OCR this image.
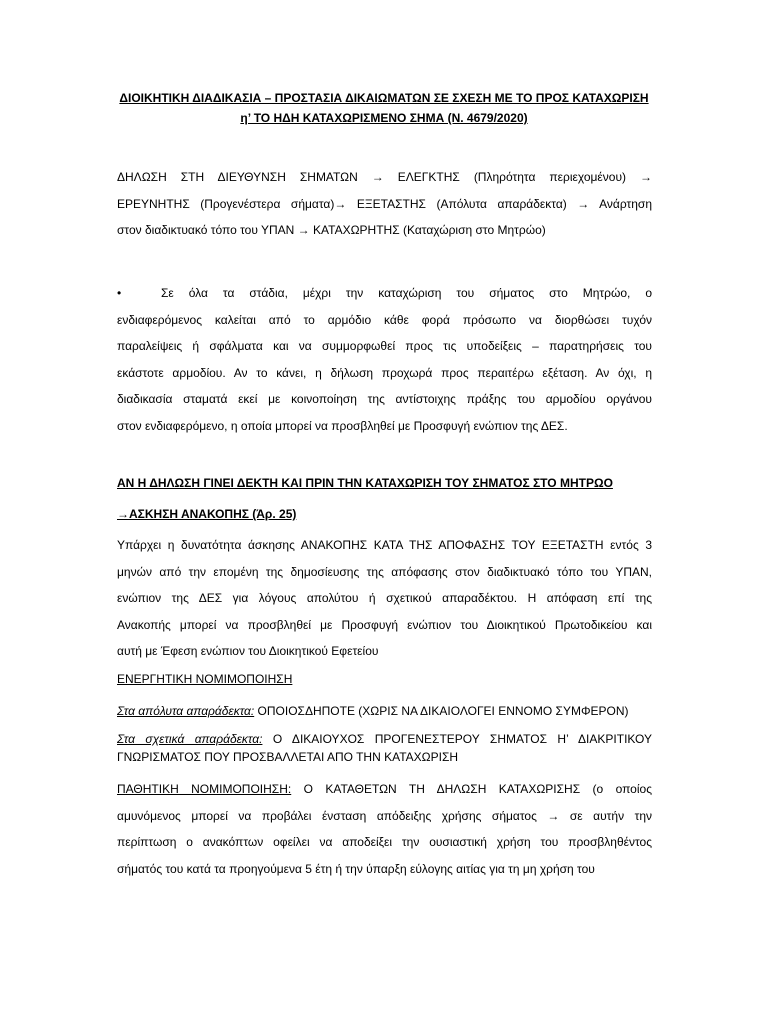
ΔΙΟΙΚΗΤΙΚΗ ΔΙΑΔΙΚΑΣΙΑ – ΠΡΟΣΤΑΣΙΑ ΔΙΚΑΙΩΜΑΤΩΝ ΣΕ ΣΧΕΣΗ ΜΕ ΤΟ ΠΡΟΣ ΚΑΤΑΧΩΡΙΣΗ
η’ ΤΟ ΗΔΗ ΚΑΤΑΧΩΡΙΣΜΕΝΟ ΣΗΜΑ (Ν. 4679/2020)
ΔΗΛΩΣΗ ΣΤΗ ΔΙΕΥΘΥΝΣΗ ΣΗΜΑΤΩΝ → ΕΛΕΓΚΤΗΣ (Πληρότητα περιεχομένου) →
ΕΡΕΥΝΗΤΗΣ (Προγενέστερα σήματα)→ ΕΞΕΤΑΣΤΗΣ (Απόλυτα απαράδεκτα) → Ανάρτηση
στον διαδικτυακό τόπο του ΥΠΑΝ → ΚΑΤΑΧΩΡΗΤΗΣ (Καταχώριση στο Μητρώο)
•	Σε όλα τα στάδια, μέχρι την καταχώριση του σήματος στο Μητρώο, ο
ενδιαφερόμενος καλείται από το αρμόδιο κάθε φορά πρόσωπο να διορθώσει τυχόν
παραλείψεις ή σφάλματα και να συμμορφωθεί προς τις υποδείξεις – παρατηρήσεις του
εκάστοτε αρμοδίου. Αν το κάνει, η δήλωση προχωρά προς περαιτέρω εξέταση. Αν όχι, η
διαδικασία σταματά εκεί με κοινοποίηση της αντίστοιχης πράξης του αρμοδίου οργάνου
στον ενδιαφερόμενο, η οποία μπορεί να προσβληθεί με Προσφυγή ενώπιον της ΔΕΣ.
ΑΝ Η ΔΗΛΩΣΗ ΓΙΝΕΙ ΔΕΚΤΗ ΚΑΙ ΠΡΙΝ ΤΗΝ ΚΑΤΑΧΩΡΙΣΗ ΤΟΥ ΣΗΜΑΤΟΣ ΣΤΟ ΜΗΤΡΩΟ
→ΑΣΚΗΣΗ ΑΝΑΚΟΠΗΣ (Άρ. 25)
Υπάρχει η δυνατότητα άσκησης ΑΝΑΚΟΠΗΣ ΚΑΤΑ ΤΗΣ ΑΠΟΦΑΣΗΣ ΤΟΥ ΕΞΕΤΑΣΤΗ εντός 3
μηνών από την επομένη της δημοσίευσης της απόφασης στον διαδικτυακό τόπο του ΥΠΑΝ,
ενώπιον της ΔΕΣ για λόγους απολύτου ή σχετικού απαραδέκτου. Η απόφαση επί της
Ανακοπής μπορεί να προσβληθεί με Προσφυγή ενώπιον του Διοικητικού Πρωτοδικείου και
αυτή με Έφεση ενώπιον του Διοικητικού Εφετείου
ΕΝΕΡΓΗΤΙΚΗ ΝΟΜΙΜΟΠΟΙΗΣΗ
Στα απόλυτα απαράδεκτα: ΟΠΟΙΟΣΔΗΠΟΤΕ (ΧΩΡΙΣ ΝΑ ΔΙΚΑΙΟΛΟΓΕΙ ΕΝΝΟΜΟ ΣΥΜΦΕΡΟΝ)
Στα σχετικά απαράδεκτα: Ο ΔΙΚΑΙΟΥΧΟΣ ΠΡΟΓΕΝΕΣΤΕΡΟΥ ΣΗΜΑΤΟΣ Η’ ΔΙΑΚΡΙΤΙΚΟΥ
ΓΝΩΡΙΣΜΑΤΟΣ ΠΟΥ ΠΡΟΣΒΑΛΛΕΤΑΙ ΑΠΟ ΤΗΝ ΚΑΤΑΧΩΡΙΣΗ
ΠΑΘΗΤΙΚΗ ΝΟΜΙΜΟΠΟΙΗΣΗ: Ο ΚΑΤΑΘΕΤΩΝ ΤΗ ΔΗΛΩΣΗ ΚΑΤΑΧΩΡΙΣΗΣ (ο οποίος
αμυνόμενος μπορεί να προβάλει ένσταση απόδειξης χρήσης σήματος → σε αυτήν την
περίπτωση ο ανακόπτων οφείλει να αποδείξει την ουσιαστική χρήση του προσβληθέντος
σήματός του κατά τα προηγούμενα 5 έτη ή την ύπαρξη εύλογης αιτίας για τη μη χρήση του
